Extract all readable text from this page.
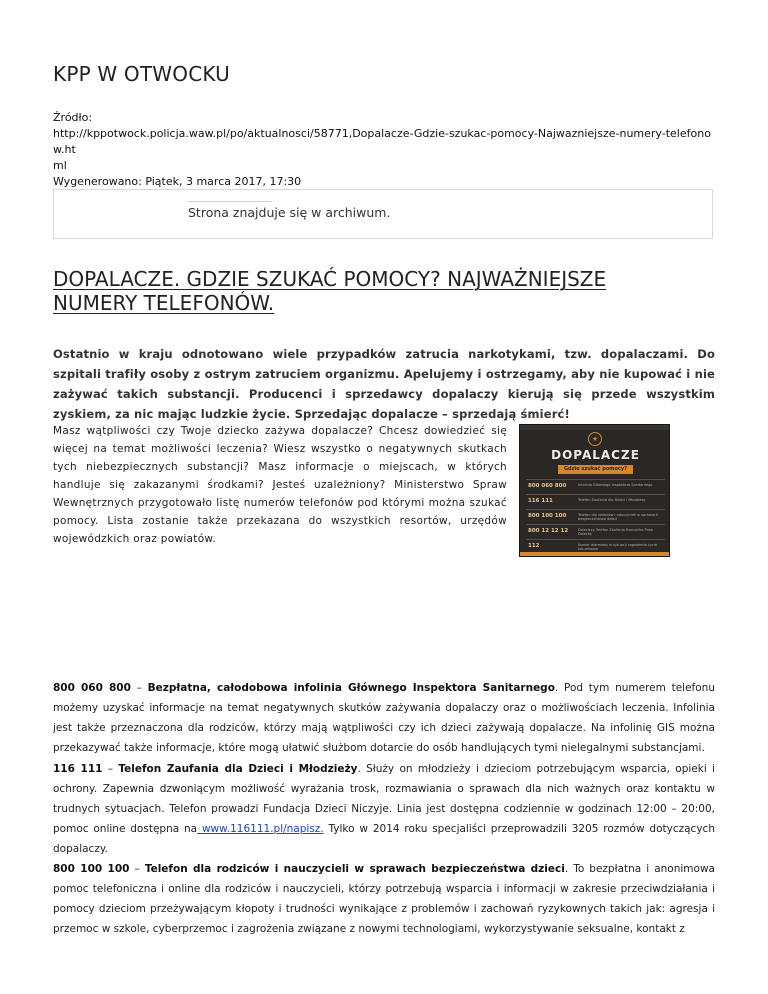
KPP W OTWOCKU
Źródło:
http://kppotwock.policja.waw.pl/po/aktualnosci/58771,Dopalacze-Gdzie-szukac-pomocy-Najwazniejsze-numery-telefonow.ht
ml
Wygenerowano: Piątek, 3 marca 2017, 17:30
Strona znajduje się w archiwum.
DOPALACZE. GDZIE SZUKAĆ POMOCY? NAJWAŻNIEJSZE NUMERY TELEFONÓW.

Ostatnio w kraju odnotowano wiele przypadków zatrucia narkotykami, tzw. dopalaczami. Do szpitali trafiły osoby z ostrym zatruciem organizmu. Apelujemy i ostrzegamy, aby nie kupować i nie zażywać takich substancji. Producenci i sprzedawcy dopalaczy kierują się przede wszystkim zyskiem, za nic mając ludzkie życie. Sprzedając dopalacze – sprzedają śmierć!

Masz wątpliwości czy Twoje dziecko zażywa dopalacze? Chcesz dowiedzieć się więcej na temat możliwości leczenia? Wiesz wszystko o negatywnych skutkach tych niebezpiecznych substancji? Masz informacje o miejscach, w których handluje się zakazanymi środkami? Jesteś uzależniony? Ministerstwo Spraw Wewnętrznych przygotowało listę numerów telefonów pod którymi można szukać pomocy. Lista zostanie także przekazana do wszystkich resortów, urzędów wojewódzkich oraz powiatów.

★
DOPALACZE
Gdzie szukać pomocy?
800 060 800	Infolinia Głównego Inspektora Sanitarnego
116 111	Telefon Zaufania dla Dzieci i Młodzieży
800 100 100	Telefon dla rodziców i nauczycieli w sprawach bezpieczeństwa dzieci
800 12 12 12	Dziecięcy Telefon Zaufania Rzecznika Praw Dziecka
112	Numer alarmowy w sytuacji zagrożenia życia lub zdrowia

800 060 800 – Bezpłatna, całodobowa infolinia Głównego Inspektora Sanitarnego. Pod tym numerem telefonu możemy uzyskać informacje na temat negatywnych skutków zażywania dopalaczy oraz o możliwościach leczenia. Infolinia jest także przeznaczona dla rodziców, którzy mają wątpliwości czy ich dzieci zażywają dopalacze. Na infolinię GIS można przekazywać także informacje, które mogą ułatwić służbom dotarcie do osób handlujących tymi nielegalnymi substancjami.

116 111 – Telefon Zaufania dla Dzieci i Młodzieży. Służy on młodzieży i dzieciom potrzebującym wsparcia, opieki i ochrony. Zapewnia dzwoniącym możliwość wyrażania trosk, rozmawiania o sprawach dla nich ważnych oraz kontaktu w trudnych sytuacjach. Telefon prowadzi Fundacja Dzieci Niczyje. Linia jest dostępna codziennie w godzinach 12:00 – 20:00, pomoc online dostępna na www.116111.pl/napisz. Tylko w 2014 roku specjaliści przeprowadzili 3205 rozmów dotyczących dopalaczy.

800 100 100 – Telefon dla rodziców i nauczycieli w sprawach bezpieczeństwa dzieci. To bezpłatna i anonimowa pomoc telefoniczna i online dla rodziców i nauczycieli, którzy potrzebują wsparcia i informacji w zakresie przeciwdziałania i pomocy dzieciom przeżywającym kłopoty i trudności wynikające z problemów i zachowań ryzykownych takich jak: agresja i przemoc w szkole, cyberprzemoc i zagrożenia związane z nowymi technologiami, wykorzystywanie seksualne, kontakt z
